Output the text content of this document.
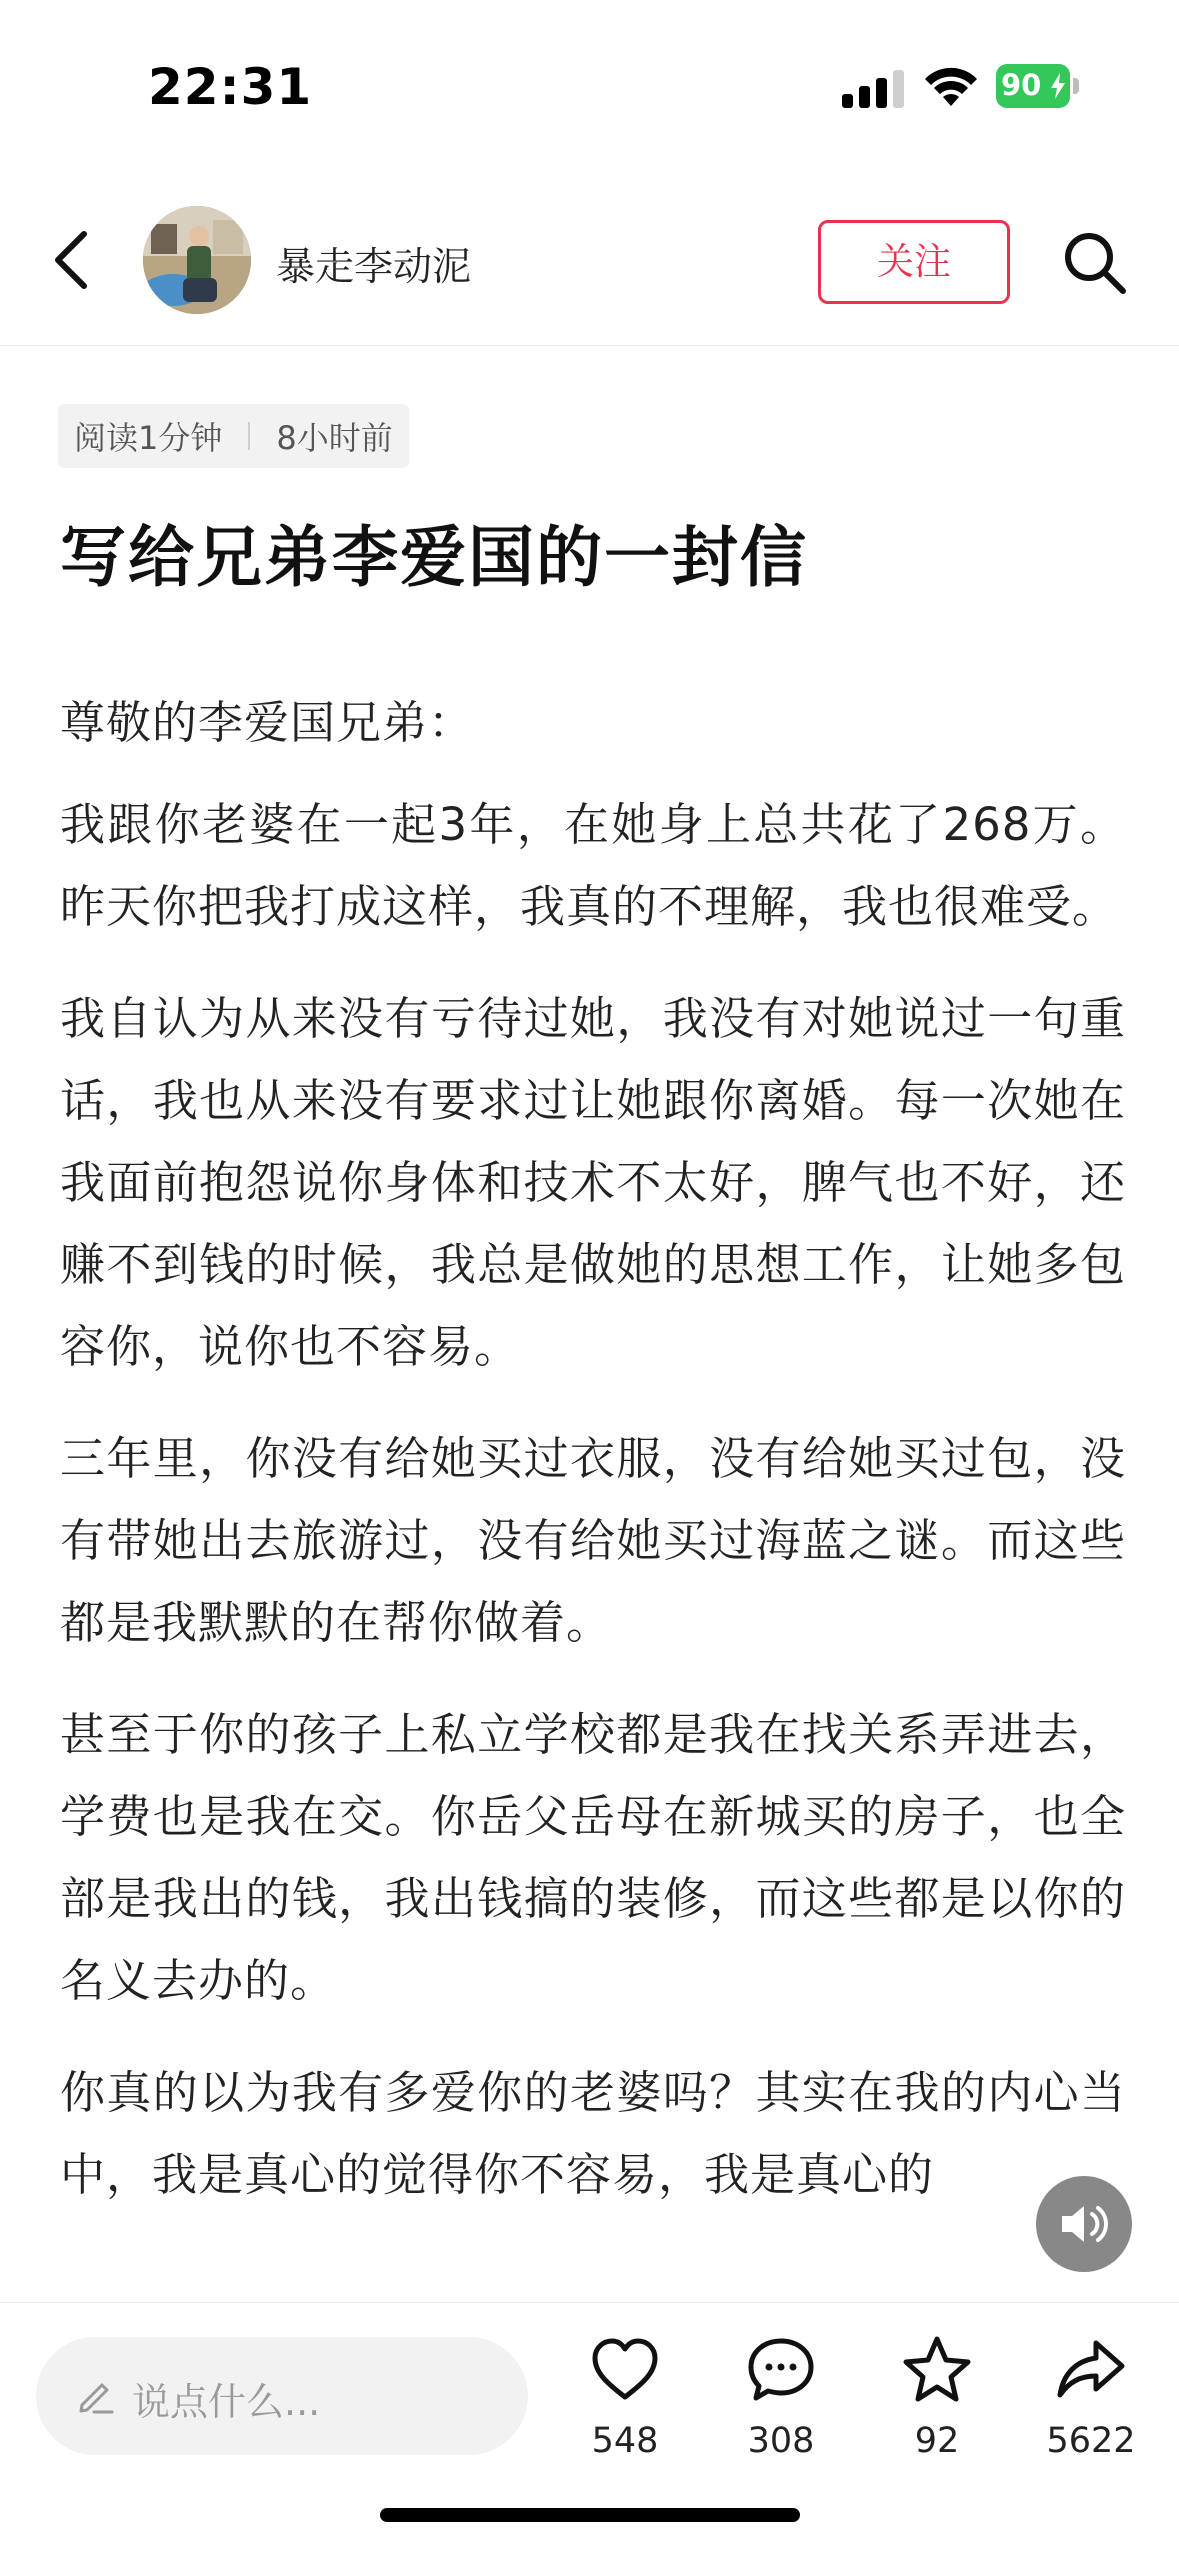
22:31	90
暴走李动泥	关注
阅读1分钟 8小时前
写给兄弟李爱国的一封信

尊敬的李爱国兄弟：

我跟你老婆在一起3年，在她身上总共花了268万。昨天你把我打成这样，我真的不理解，我也很难受。

我自认为从来没有亏待过她，我没有对她说过一句重话，我也从来没有要求过让她跟你离婚。每一次她在我面前抱怨说你身体和技术不太好，脾气也不好，还赚不到钱的时候，我总是做她的思想工作，让她多包容你，说你也不容易。

三年里，你没有给她买过衣服，没有给她买过包，没有带她出去旅游过，没有给她买过海蓝之谜。而这些都是我默默的在帮你做着。

甚至于你的孩子上私立学校都是我在找关系弄进去，学费也是我在交。你岳父岳母在新城买的房子，也全部是我出的钱，我出钱搞的装修，而这些都是以你的名义去办的。

你真的以为我有多爱你的老婆吗？其实在我的内心当中，我是真心的觉得你不容易，我是真心的

说点什么...
548	308	92	5622
